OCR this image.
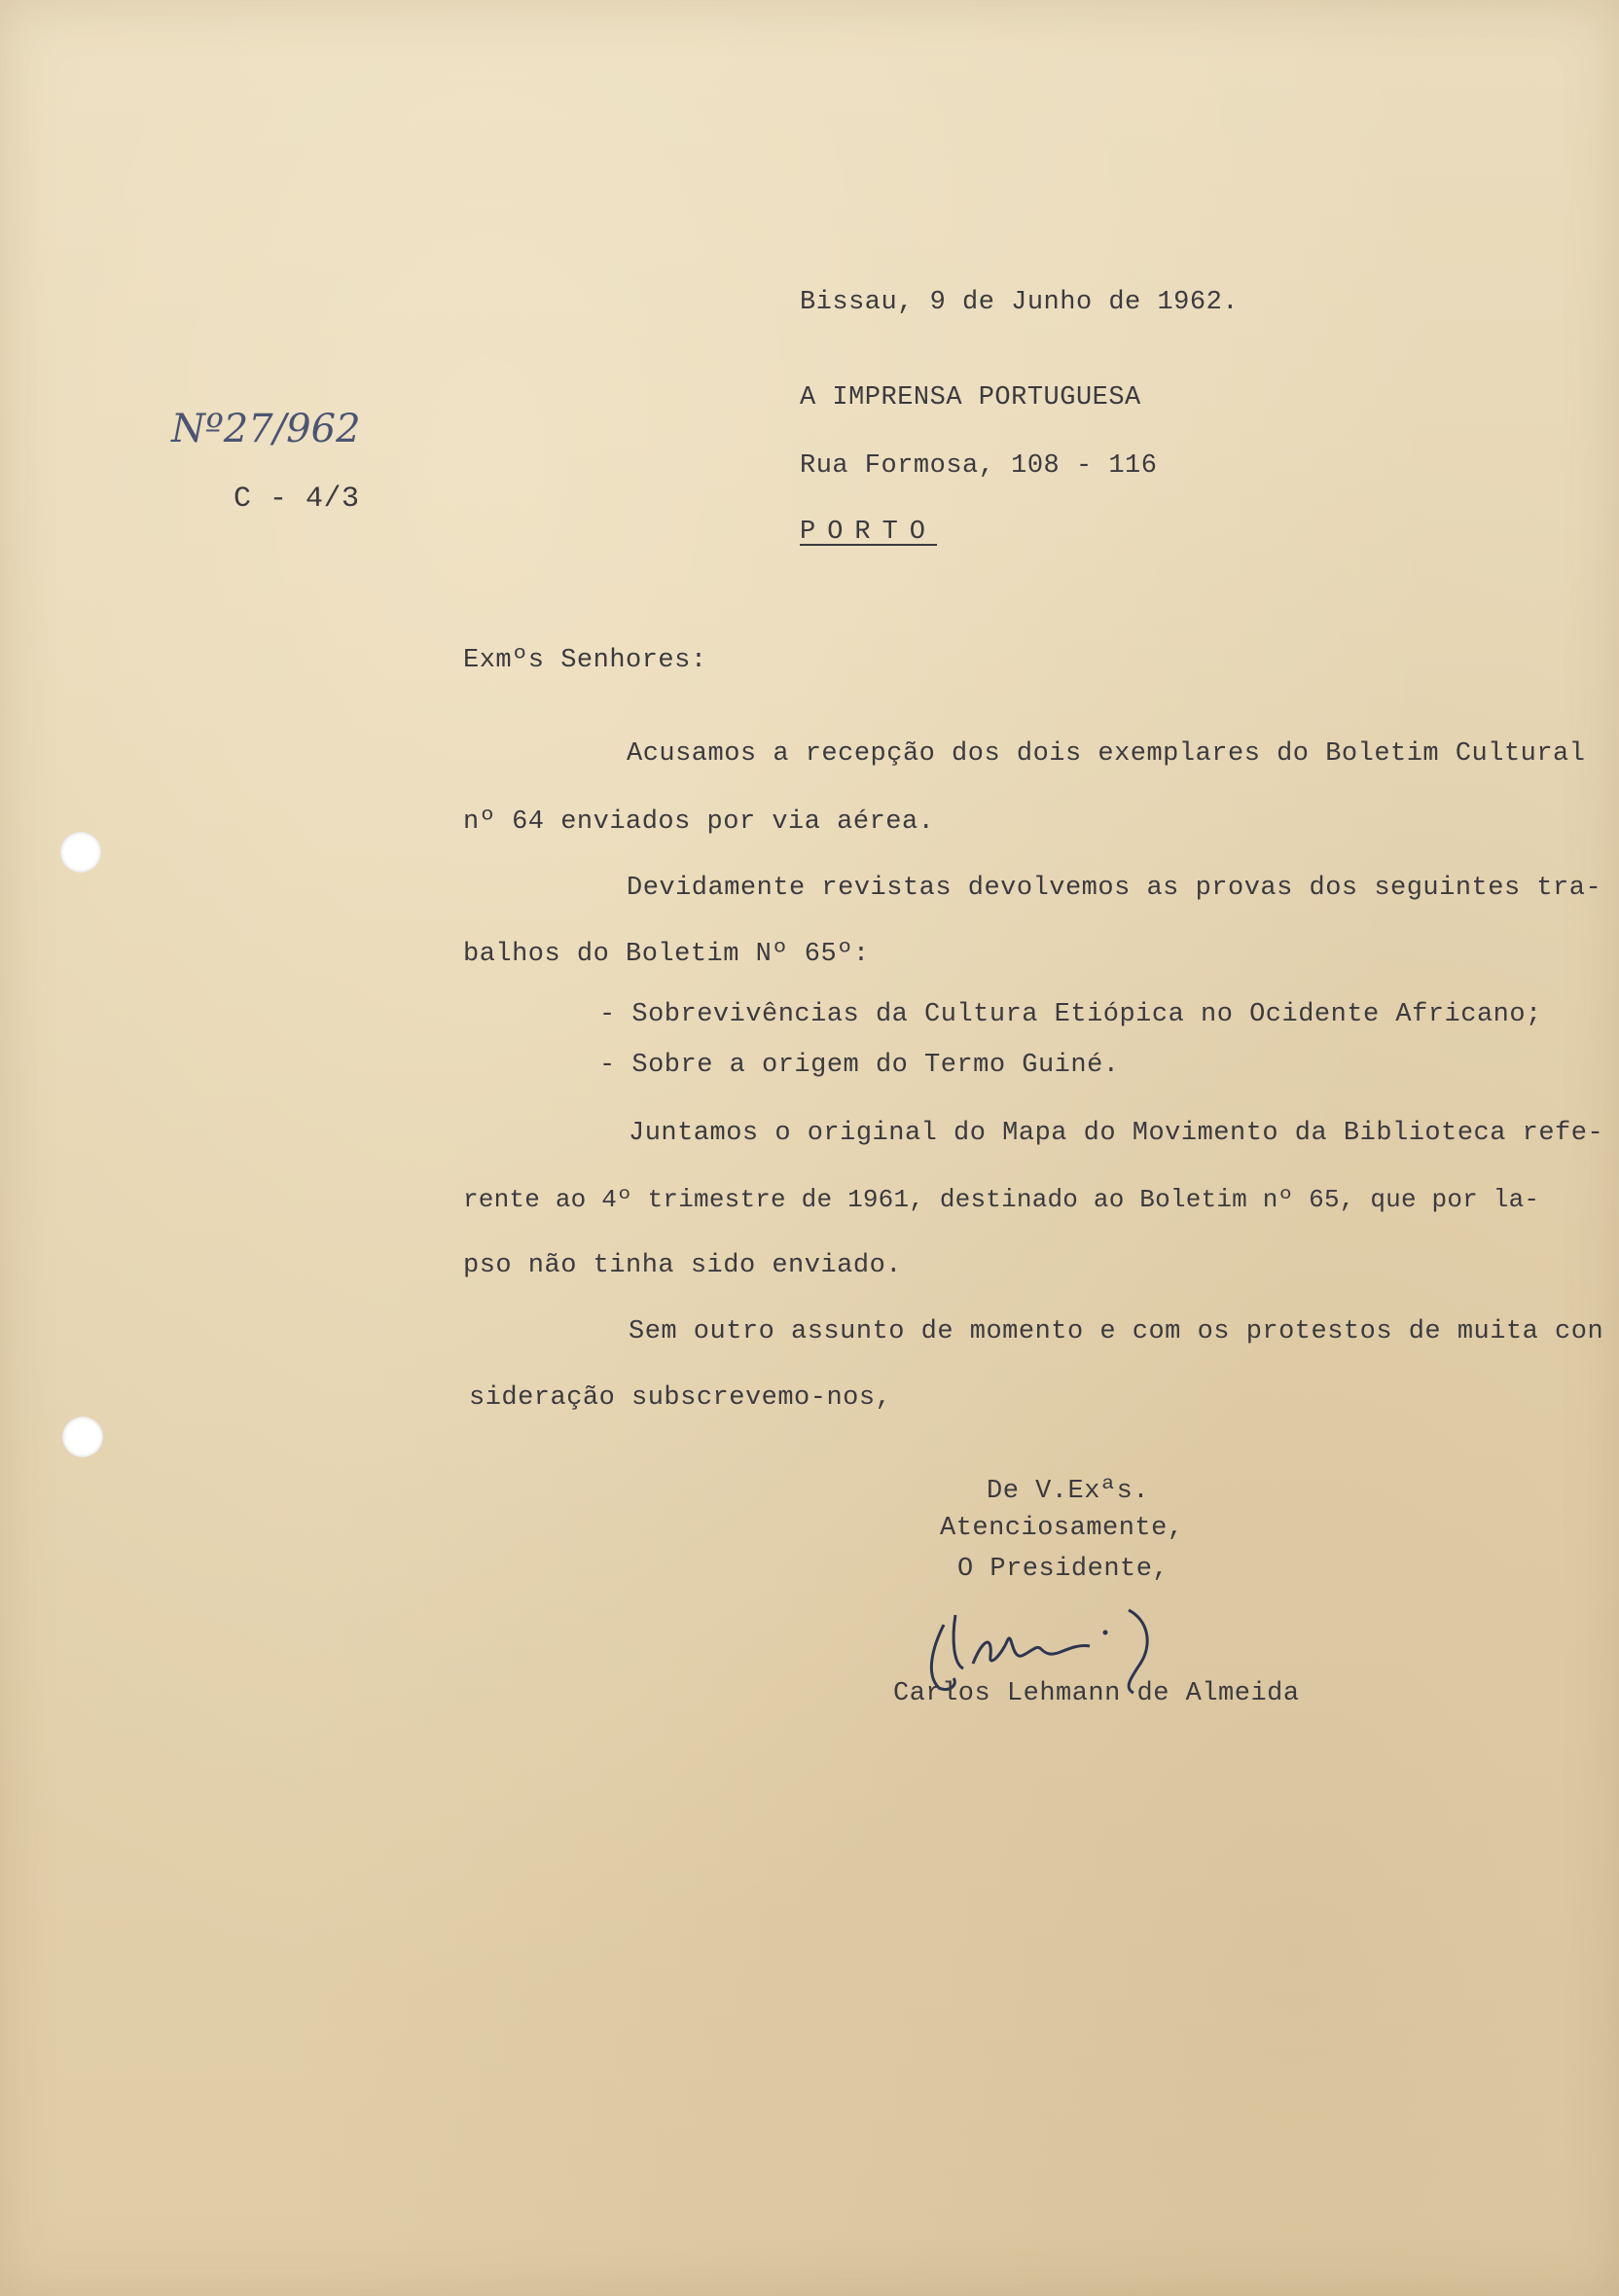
Nº27/962
C - 4/3
Bissau, 9 de Junho de 1962.
A IMPRENSA PORTUGUESA
Rua Formosa, 108 - 116
PORTO
Exmºs Senhores:
Acusamos a recepção dos dois exemplares do Boletim Cultural
nº 64 enviados por via aérea.
Devidamente revistas devolvemos as provas dos seguintes tra-
balhos do Boletim Nº 65º:
- Sobrevivências da Cultura Etiópica no Ocidente Africano;
- Sobre a origem do Termo Guiné.
Juntamos o original do Mapa do Movimento da Biblioteca refe-
rente ao 4º trimestre de 1961, destinado ao Boletim nº 65, que por la-
pso não tinha sido enviado.
Sem outro assunto de momento e com os protestos de muita con
sideração subscrevemo-nos,
De V.Exªs.
Atenciosamente,
O Presidente,
Carlos Lehmann de Almeida
